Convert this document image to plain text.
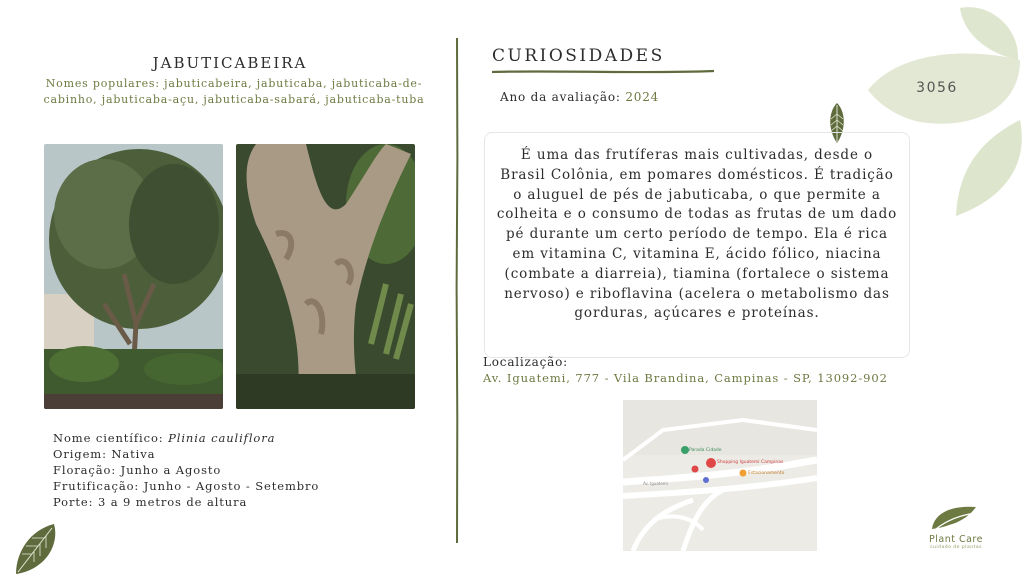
JABUTICABEIRA
Nomes populares: jabuticabeira, jabuticaba, jabuticaba-de-cabinho, jabuticaba-açu, jabuticaba-sabará, jabuticaba-tuba
Nome científico: Plinia cauliflora
Origem: Nativa
Floração: Junho a Agosto
Frutificação: Junho - Agosto - Setembro
Porte: 3 a 9 metros de altura
CURIOSIDADES
Ano da avaliação: 2024
É uma das frutíferas mais cultivadas, desde o Brasil Colônia, em pomares domésticos. É tradição o aluguel de pés de jabuticaba, o que permite a colheita e o consumo de todas as frutas de um dado pé durante um certo período de tempo. Ela é rica em vitamina C, vitamina E, ácido fólico, niacina (combate a diarreia), tiamina (fortalece o sistema nervoso) e riboflavina (acelera o metabolismo das gorduras, açúcares e proteínas.
Localização:
Av. Iguatemi, 777 - Vila Brandina, Campinas - SP, 13092-902
Parada Cidade
Shopping Iguatemi Campinas
Estacionamento
Av. Iguatemi
3056
Plant Care
cuidado de plantas
